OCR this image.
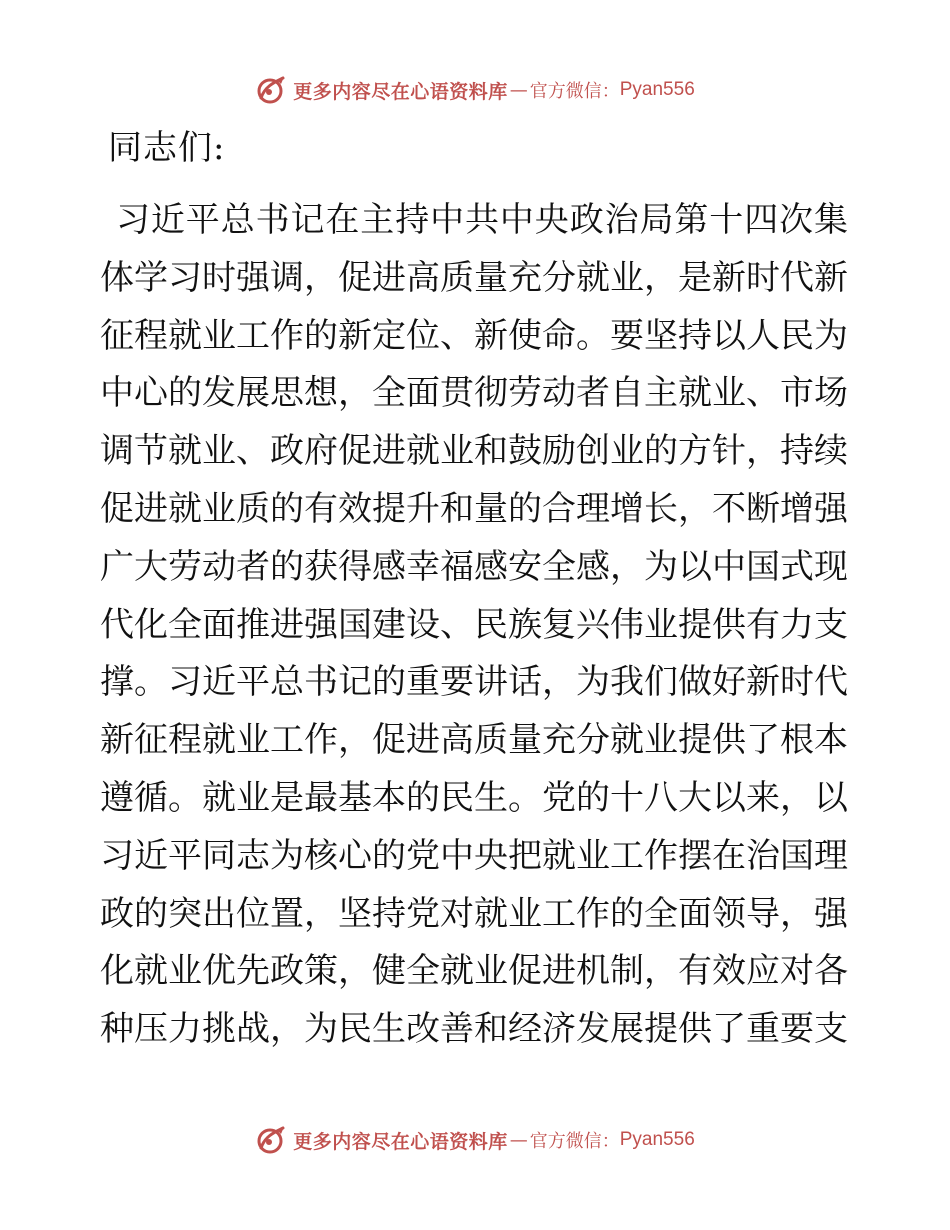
更多内容尽在心语资料库 — 官方微信： Pyan556
同志们:
习近平总书记在主持中共中央政治局第十四次集
体学习时强调，促进高质量充分就业，是新时代新
征程就业工作的新定位、新使命。要坚持以人民为
中心的发展思想，全面贯彻劳动者自主就业、市场
调节就业、政府促进就业和鼓励创业的方针，持续
促进就业质的有效提升和量的合理增长，不断增强
广大劳动者的获得感幸福感安全感，为以中国式现
代化全面推进强国建设、民族复兴伟业提供有力支
撑。习近平总书记的重要讲话，为我们做好新时代
新征程就业工作，促进高质量充分就业提供了根本
遵循。就业是最基本的民生。党的十八大以来，以
习近平同志为核心的党中央把就业工作摆在治国理
政的突出位置，坚持党对就业工作的全面领导，强
化就业优先政策，健全就业促进机制，有效应对各
种压力挑战，为民生改善和经济发展提供了重要支
更多内容尽在心语资料库 — 官方微信： Pyan556
